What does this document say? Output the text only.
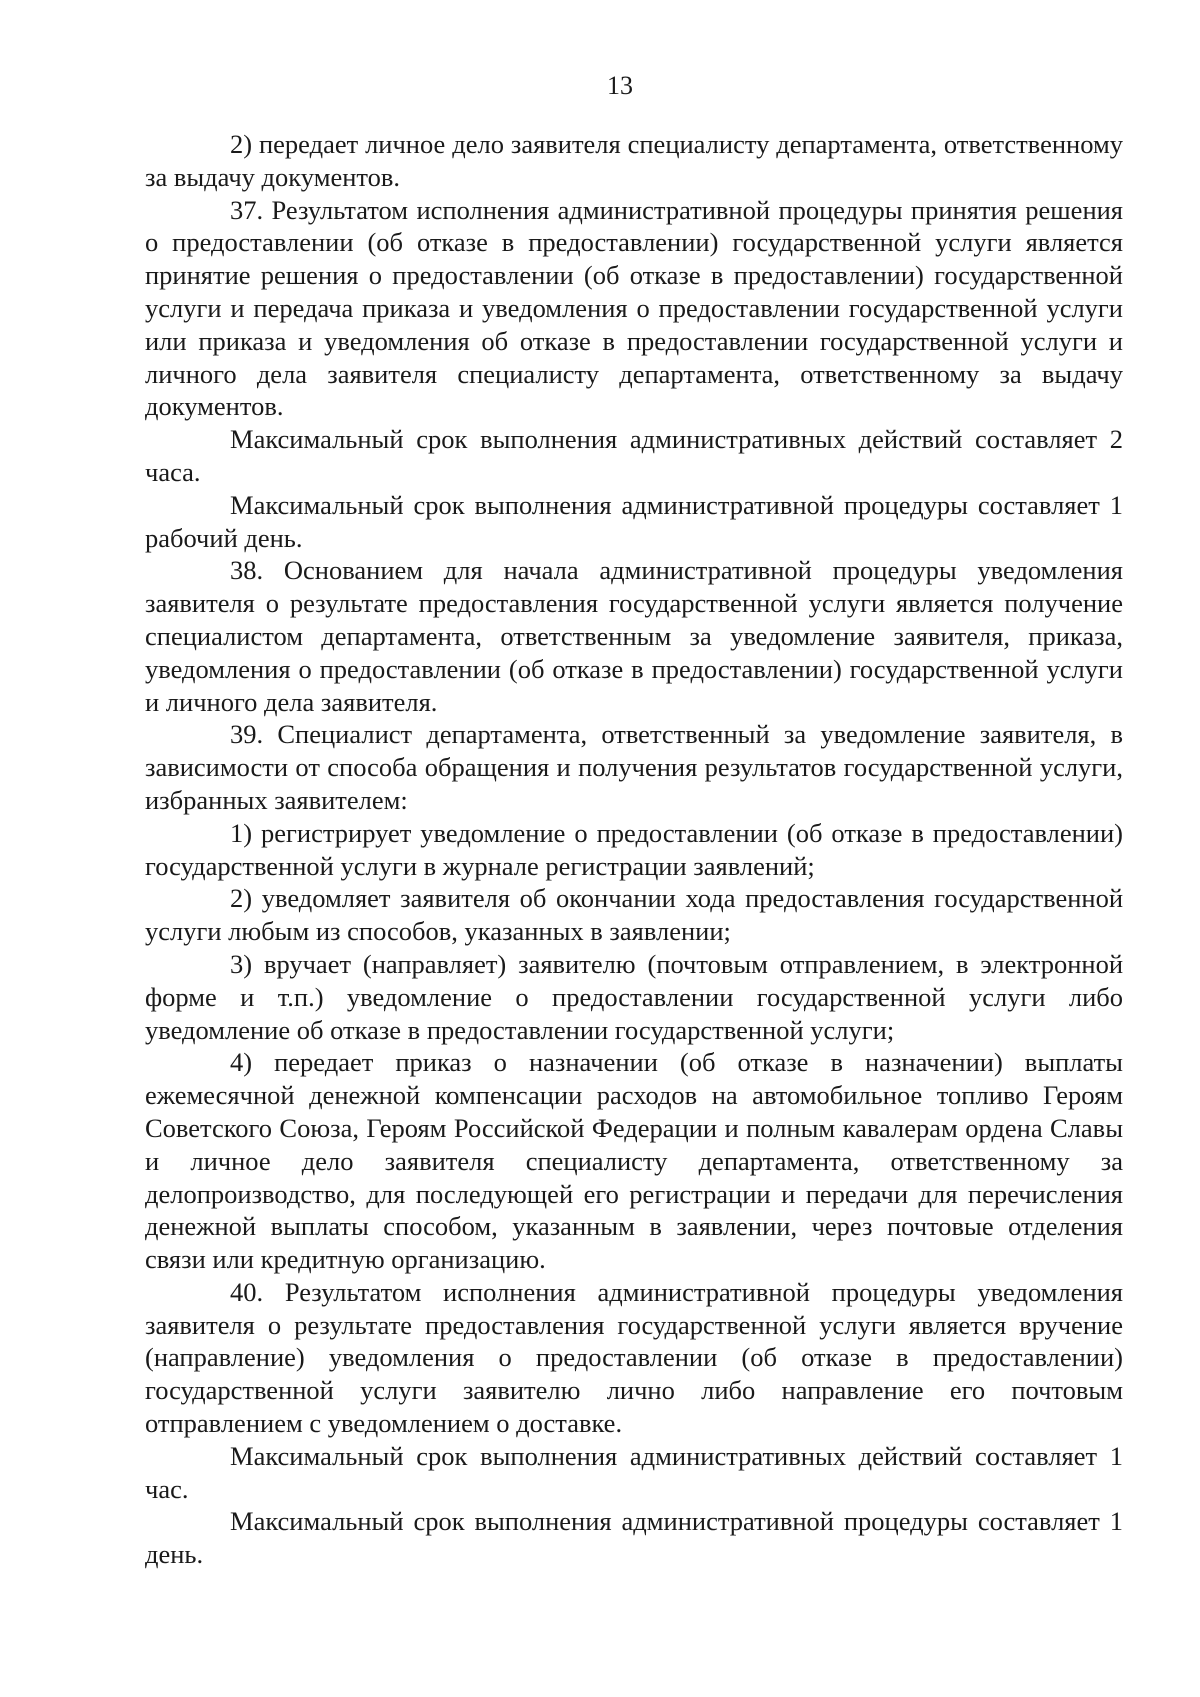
13

2) передает личное дело заявителя специалисту департамента, ответственному за выдачу документов.

37. Результатом исполнения административной процедуры принятия решения о предоставлении (об отказе в предоставлении) государственной услуги является принятие решения о предоставлении (об отказе в предоставлении) государственной услуги и передача приказа и уведомления о предоставлении государственной услуги или приказа и уведомления об отказе в предоставлении государственной услуги и личного дела заявителя специалисту департамента, ответственному за выдачу документов.

Максимальный срок выполнения административных действий составляет 2 часа.

Максимальный срок выполнения административной процедуры составляет 1 рабочий день.

38. Основанием для начала административной процедуры уведомления заявителя о результате предоставления государственной услуги является получение специалистом департамента, ответственным за уведомление заявителя, приказа, уведомления о предоставлении (об отказе в предоставлении) государственной услуги и личного дела заявителя.

39. Специалист департамента, ответственный за уведомление заявителя, в зависимости от способа обращения и получения результатов государственной услуги, избранных заявителем:

1) регистрирует уведомление о предоставлении (об отказе в предоставлении) государственной услуги в журнале регистрации заявлений;

2) уведомляет заявителя об окончании хода предоставления государственной услуги любым из способов, указанных в заявлении;

3) вручает (направляет) заявителю (почтовым отправлением, в электронной форме и т.п.) уведомление о предоставлении государственной услуги либо уведомление об отказе в предоставлении государственной услуги;

4) передает приказ о назначении (об отказе в назначении) выплаты ежемесячной денежной компенсации расходов на автомобильное топливо Героям Советского Союза, Героям Российской Федерации и полным кавалерам ордена Славы и личное дело заявителя специалисту департамента, ответственному за делопроизводство, для последующей его регистрации и передачи для перечисления денежной выплаты способом, указанным в заявлении, через почтовые отделения связи или кредитную организацию.

40. Результатом исполнения административной процедуры уведомления заявителя о результате предоставления государственной услуги является вручение (направление) уведомления о предоставлении (об отказе в предоставлении) государственной услуги заявителю лично либо направление его почтовым отправлением с уведомлением о доставке.

Максимальный срок выполнения административных действий составляет 1 час.

Максимальный срок выполнения административной процедуры составляет 1 день.
